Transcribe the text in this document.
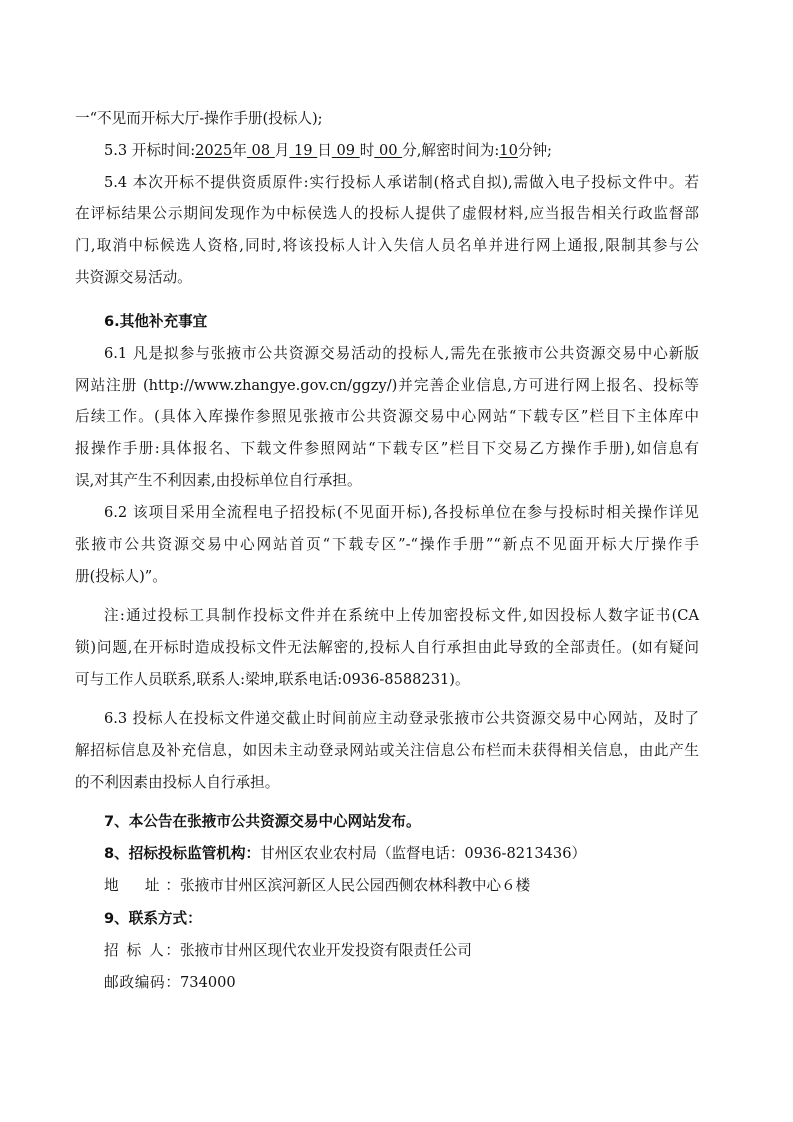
一“不见而开标大厅-操作手册(投标人);
5.3 开标时间:2025年 08 月 19 日 09 时 00 分,解密时间为:10分钟;
5.4 本次开标不提供资质原件:实行投标人承诺制(格式自拟),需做入电子投标文件中。若
在评标结果公示期间发现作为中标侯选人的投标人提供了虚假材料,应当报告相关行政监督部
门,取消中标候选人资格,同时,将该投标人计入失信人员名单并进行网上通报,限制其参与公
共资源交易活动。
6.其他补充事宜
6.1 凡是拟参与张掖市公共资源交易活动的投标人,需先在张掖市公共资源交易中心新版
网站注册 (http://www.zhangye.gov.cn/ggzy/)并完善企业信息,方可进行网上报名、投标等
后续工作。(具体入库操作参照见张掖市公共资源交易中心网站“下载专区”栏目下主体库中
报操作手册:具体报名、下载文件参照网站“下载专区”栏目下交易乙方操作手册),如信息有
误,对其产生不利因素,由投标单位自行承担。
6.2 该项目采用全流程电子招投标(不见面开标),各投标单位在参与投标时相关操作详见
张掖市公共资源交易中心网站首页“下载专区”-“操作手册”“新点不见面开标大厅操作手
册(投标人)”。
注:通过投标工具制作投标文件并在系统中上传加密投标文件,如因投标人数字证书(CA
锁)问题,在开标时造成投标文件无法解密的,投标人自行承担由此导致的全部责任。(如有疑问
可与工作人员联系,联系人:梁坤,联系电话:0936-8588231)。
6.3 投标人在投标文件递交截止时间前应主动登录张掖市公共资源交易中心网站，及时了
解招标信息及补充信息，如因未主动登录网站或关注信息公布栏而未获得相关信息，由此产生
的不利因素由投标人自行承担。
7、本公告在张掖市公共资源交易中心网站发布。
8、招标投标监管机构：甘州区农业农村局（监督电话：0936-8213436）
地　址：张掖市甘州区滨河新区人民公园西侧农林科教中心６楼
9、联系方式：
招 标 人：张掖市甘州区现代农业开发投资有限责任公司
邮政编码：734000
